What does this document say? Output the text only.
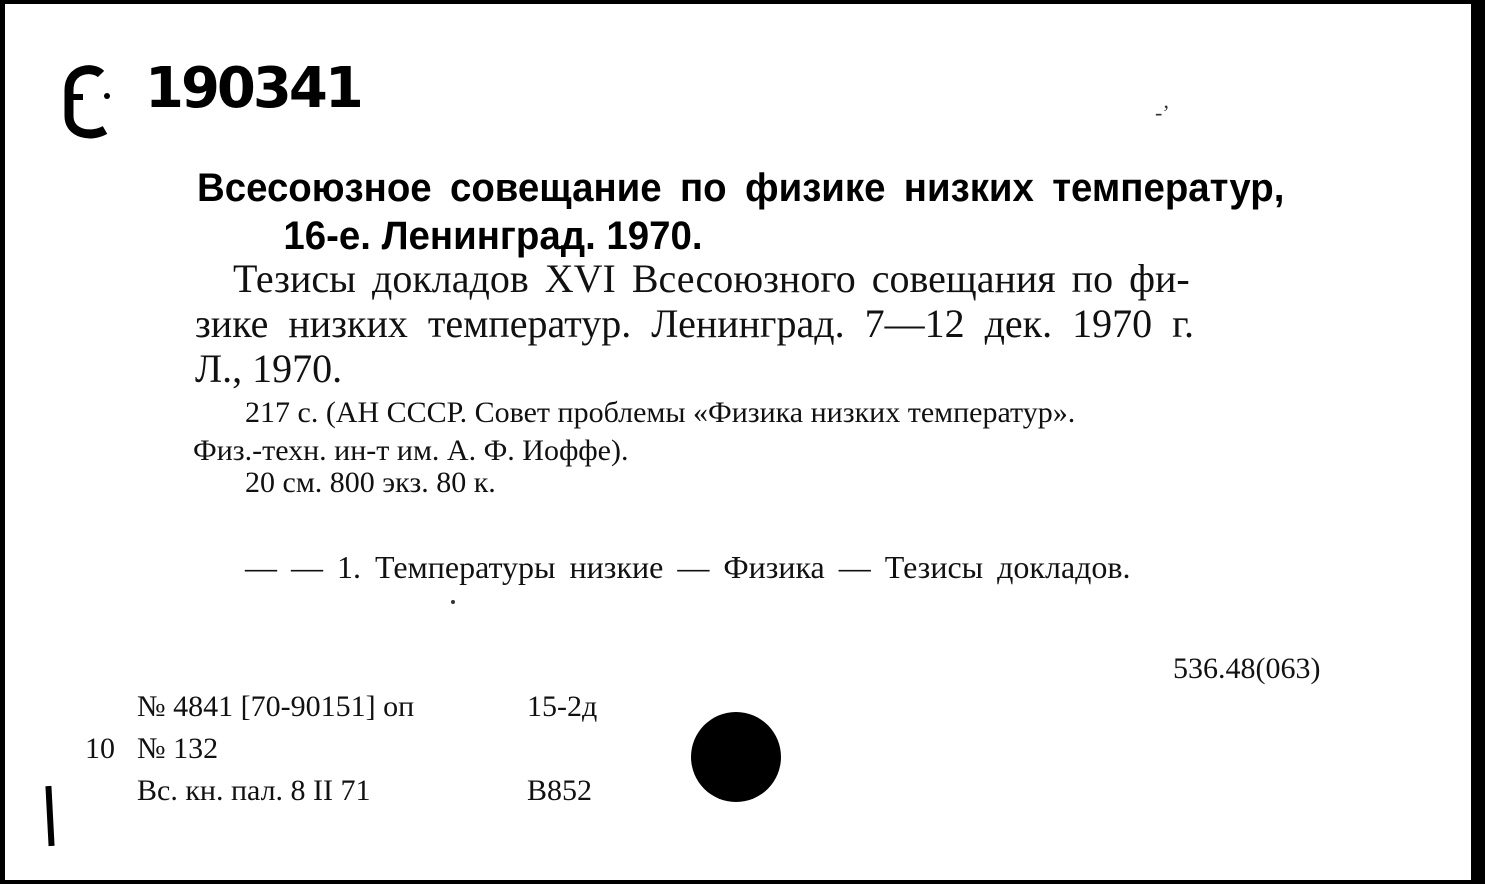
190341	-’
Всесоюзное совещание по физике низких температур,
16-е. Ленинград. 1970.
Тезисы докладов XVI Всесоюзного совещания по фи-
зике низких температур. Ленинград. 7—12 дек. 1970 г.
Л., 1970.
217 с. (АН СССР. Совет проблемы «Физика низких температур».
Физ.-техн. ин-т им. А. Ф. Иоффе).
20 см. 800 экз. 80 к.
— — 1. Температуры низкие — Физика — Тезисы докладов.
536.48(063)
№ 4841 [70-90151] оп	15-2д
10 № 132
Вс. кн. пал. 8 II 71	В852
